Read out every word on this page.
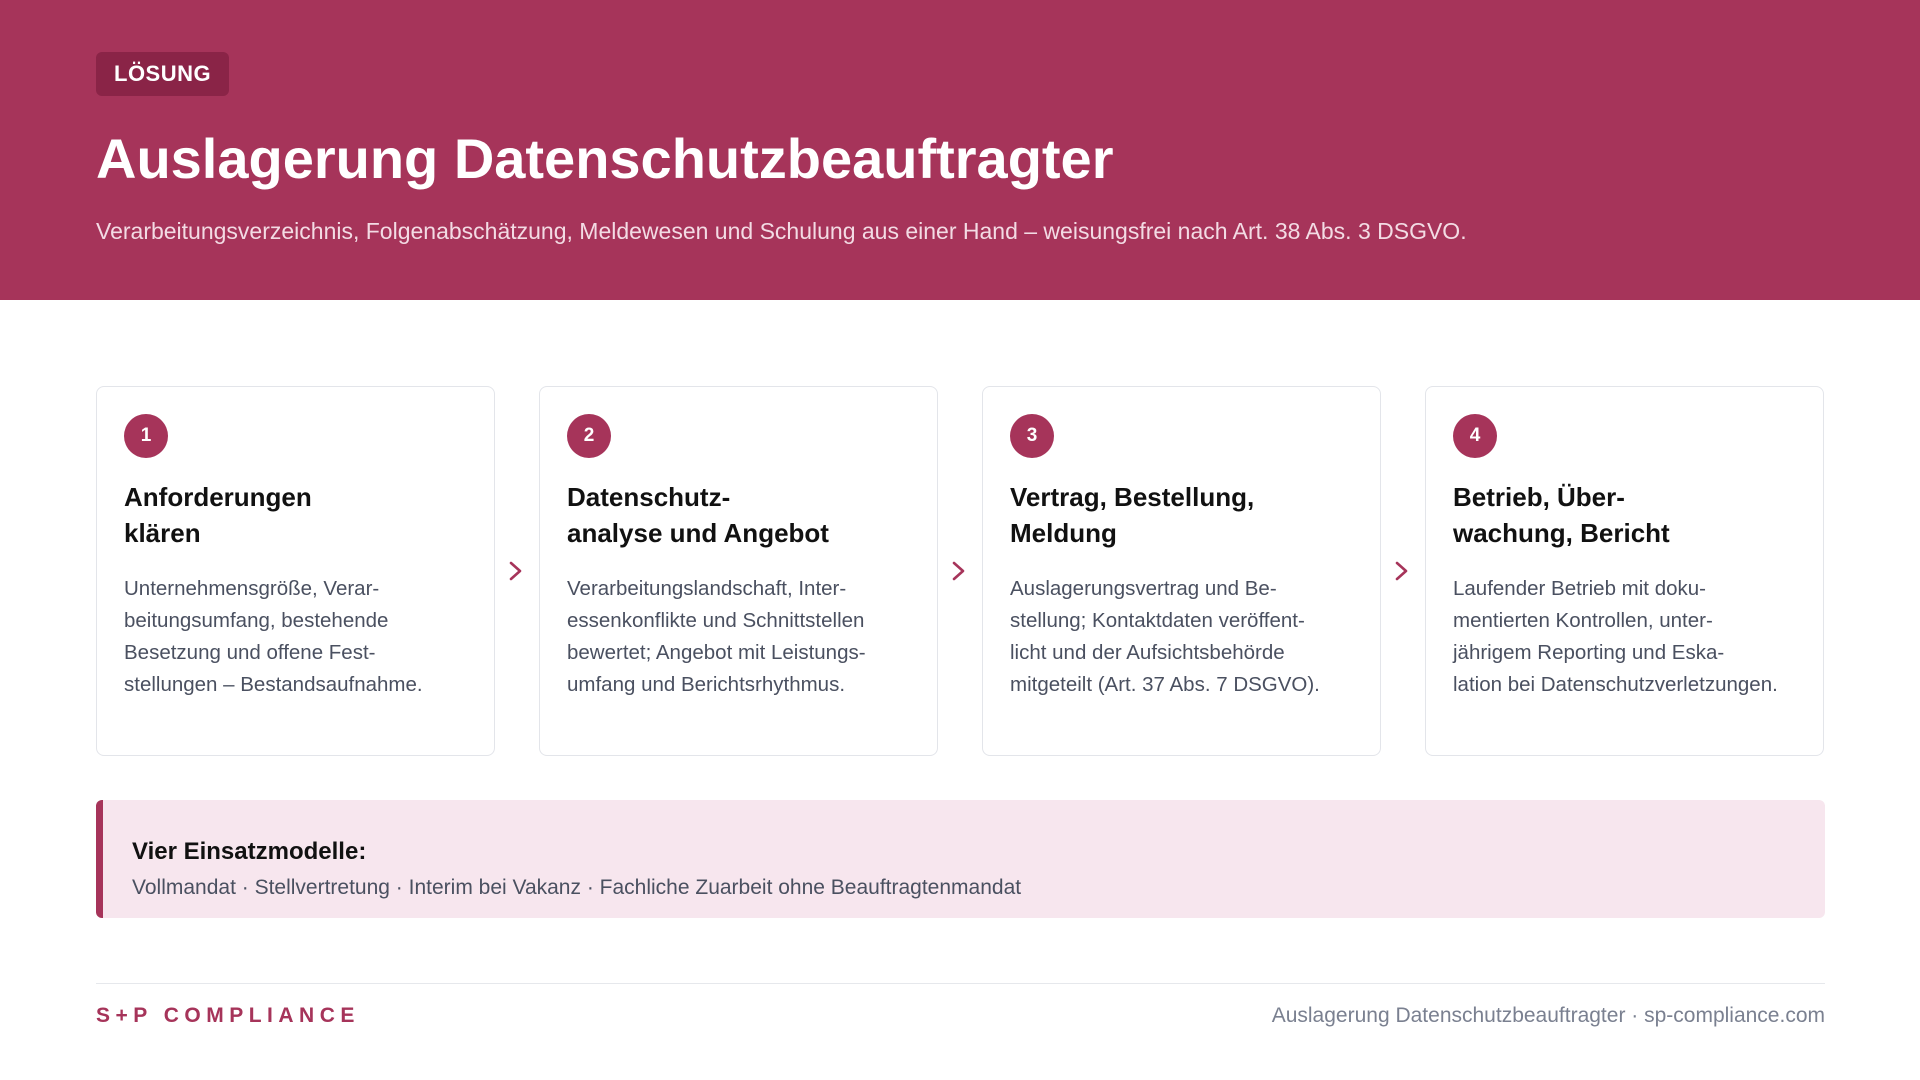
LÖSUNG
Auslagerung Datenschutzbeauftragter

Verarbeitungsverzeichnis, Folgenabschätzung, Meldewesen und Schulung aus einer Hand – weisungsfrei nach Art. 38 Abs. 3 DSGVO.

1
Anforderungen
klären

Unternehmensgröße, Verar-
beitungsumfang, bestehende
Besetzung und offene Fest-
stellungen – Bestandsaufnahme.

2
Datenschutz-
analyse und Angebot

Verarbeitungslandschaft, Inter-
essenkonflikte und Schnittstellen
bewertet; Angebot mit Leistungs-
umfang und Berichtsrhythmus.

3
Vertrag, Bestellung,
Meldung

Auslagerungsvertrag und Be-
stellung; Kontaktdaten veröffent-
licht und der Aufsichtsbehörde
mitgeteilt (Art. 37 Abs. 7 DSGVO).

4
Betrieb, Über-
wachung, Bericht

Laufender Betrieb mit doku-
mentierten Kontrollen, unter-
jährigem Reporting und Eska-
lation bei Datenschutzverletzungen.

Vier Einsatzmodelle:

Vollmandat · Stellvertretung · Interim bei Vakanz · Fachliche Zuarbeit ohne Beauftragtenmandat

S+P COMPLIANCE	Auslagerung Datenschutzbeauftragter · sp-compliance.com
